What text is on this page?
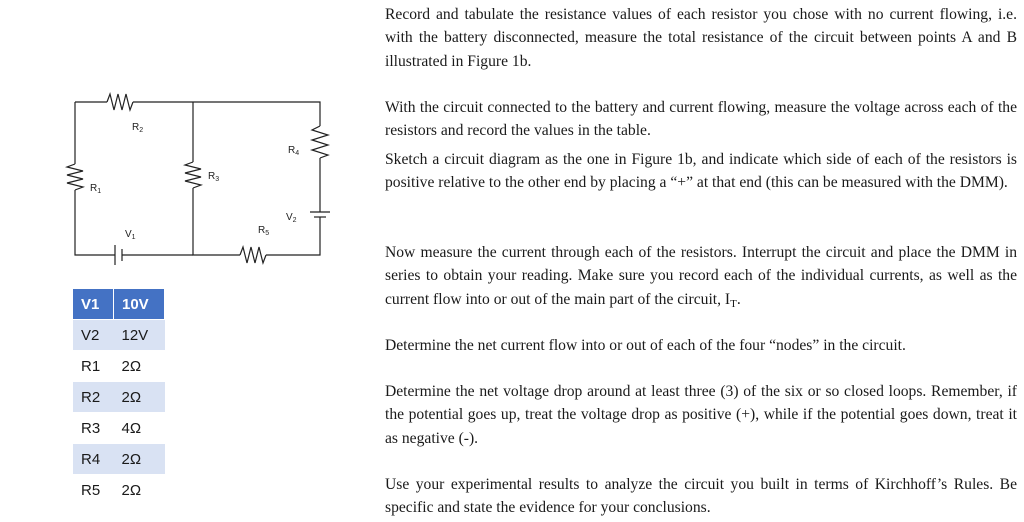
$R_2$
$R_1$
$R_3$
$R_4$
$R_5$
$V_1$
$V_2$
V1	10V
V2	12V
R1	2Ω
R2	2Ω
R3	4Ω
R4	2Ω
R5	2Ω

Record and tabulate the resistance values of each resistor you chose with no current flowing, i.e. with the battery disconnected, measure the total resistance of the circuit between points A and B illustrated in Figure 1b.

With the circuit connected to the battery and current flowing, measure the voltage across each of the resistors and record the values in the table.

Sketch a circuit diagram as the one in Figure 1b, and indicate which side of each of the resistors is positive relative to the other end by placing a “+” at that end (this can be measured with the DMM).

Now measure the current through each of the resistors. Interrupt the circuit and place the DMM in series to obtain your reading. Make sure you record each of the individual currents, as well as the current flow into or out of the main part of the circuit, $I_T$.

Determine the net current flow into or out of each of the four “nodes” in the circuit.

Determine the net voltage drop around at least three (3) of the six or so closed loops. Remember, if the potential goes up, treat the voltage drop as positive (+), while if the potential goes down, treat it as negative (-).

Use your experimental results to analyze the circuit you built in terms of Kirchhoff’s Rules. Be specific and state the evidence for your conclusions.
